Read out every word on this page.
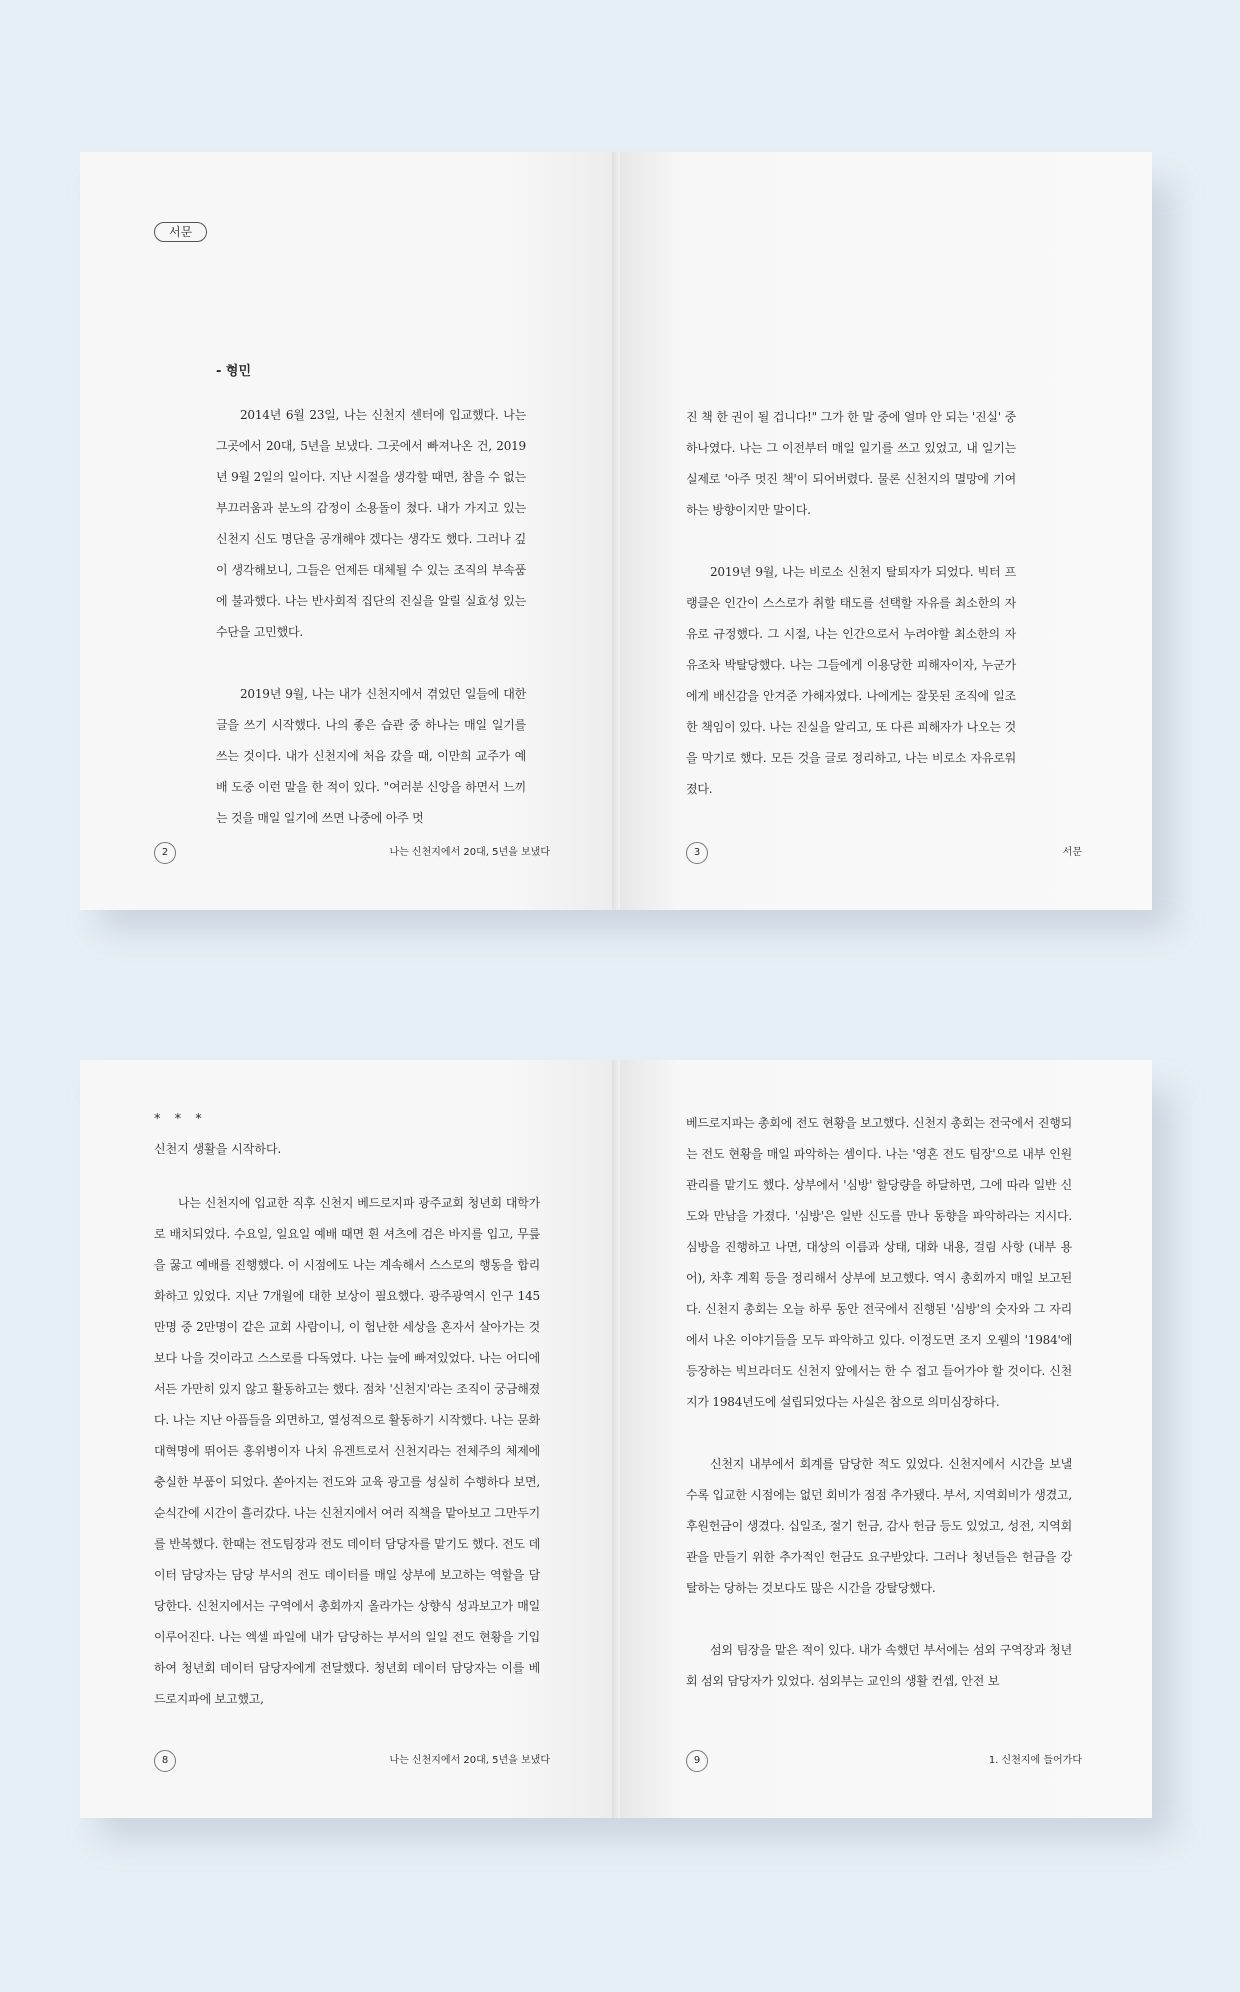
서문
- 형민

2014년 6월 23일, 나는 신천지 센터에 입교했다. 나는 그곳에서 20대, 5년을 보냈다. 그곳에서 빠져나온 건, 2019년 9월 2일의 일이다. 지난 시절을 생각할 때면, 참을 수 없는 부끄러움과 분노의 감정이 소용돌이 쳤다. 내가 가지고 있는 신천지 신도 명단을 공개해야 겠다는 생각도 했다. 그러나 깊이 생각해보니, 그들은 언제든 대체될 수 있는 조직의 부속품에 불과했다. 나는 반사회적 집단의 진실을 알릴 실효성 있는 수단을 고민했다.

2019년 9월, 나는 내가 신천지에서 겪었던 일들에 대한 글을 쓰기 시작했다. 나의 좋은 습관 중 하나는 매일 일기를 쓰는 것이다. 내가 신천지에 처음 갔을 때, 이만희 교주가 예배 도중 이런 말을 한 적이 있다. "여러분 신앙을 하면서 느끼는 것을 매일 일기에 쓰면 나중에 아주 멋

2	나는 신천지에서 20대, 5년을 보냈다

진 책 한 권이 될 겁니다!" 그가 한 말 중에 얼마 안 되는 '진실' 중 하나였다. 나는 그 이전부터 매일 일기를 쓰고 있었고, 내 일기는 실제로 '아주 멋진 책'이 되어버렸다. 물론 신천지의 멸망에 기여하는 방향이지만 말이다.

2019년 9월, 나는 비로소 신천지 탈퇴자가 되었다. 빅터 프랭클은 인간이 스스로가 취할 태도를 선택할 자유를 최소한의 자유로 규정했다. 그 시절, 나는 인간으로서 누려야할 최소한의 자유조차 박탈당했다. 나는 그들에게 이용당한 피해자이자, 누군가에게 배신감을 안겨준 가해자였다. 나에게는 잘못된 조직에 일조한 책임이 있다. 나는 진실을 알리고, 또 다른 피해자가 나오는 것을 막기로 했다. 모든 것을 글로 정리하고, 나는 비로소 자유로워졌다.

3	서문
* * *
신천지 생활을 시작하다.

나는 신천지에 입교한 직후 신천지 베드로지파 광주교회 청년회 대학가로 배치되었다. 수요일, 일요일 예배 때면 흰 셔츠에 검은 바지를 입고, 무릎을 꿇고 예배를 진행했다. 이 시점에도 나는 계속해서 스스로의 행동을 합리화하고 있었다. 지난 7개월에 대한 보상이 필요했다. 광주광역시 인구 145만명 중 2만명이 같은 교회 사람이니, 이 험난한 세상을 혼자서 살아가는 것보다 나을 것이라고 스스로를 다독였다. 나는 늪에 빠져있었다. 나는 어디에서든 가만히 있지 않고 활동하고는 했다. 점차 '신천지'라는 조직이 궁금해졌다. 나는 지난 아픔들을 외면하고, 열성적으로 활동하기 시작했다. 나는 문화대혁명에 뛰어든 홍위병이자 나치 유겐트로서 신천지라는 전체주의 체제에 충실한 부품이 되었다. 쏟아지는 전도와 교육 광고를 성실히 수행하다 보면, 순식간에 시간이 흘러갔다. 나는 신천지에서 여러 직책을 맡아보고 그만두기를 반복했다. 한때는 전도팀장과 전도 데이터 담당자를 맡기도 했다. 전도 데이터 담당자는 담당 부서의 전도 데이터를 매일 상부에 보고하는 역할을 담당한다. 신천지에서는 구역에서 총회까지 올라가는 상향식 성과보고가 매일 이루어진다. 나는 엑셀 파일에 내가 담당하는 부서의 일일 전도 현황을 기입하여 청년회 데이터 담당자에게 전달했다. 청년회 데이터 담당자는 이를 베드로지파에 보고했고,

8	나는 신천지에서 20대, 5년을 보냈다

베드로지파는 총회에 전도 현황을 보고했다. 신천지 총회는 전국에서 진행되는 전도 현황을 매일 파악하는 셈이다. 나는 '영혼 전도 팀장'으로 내부 인원 관리를 맡기도 했다. 상부에서 '심방' 할당량을 하달하면, 그에 따라 일반 신도와 만남을 가졌다. '심방'은 일반 신도를 만나 동향을 파악하라는 지시다. 심방을 진행하고 나면, 대상의 이름과 상태, 대화 내용, 걸림 사항 (내부 용어), 차후 계획 등을 정리해서 상부에 보고했다. 역시 총회까지 매일 보고된다. 신천지 총회는 오늘 하루 동안 전국에서 진행된 '심방'의 숫자와 그 자리에서 나온 이야기들을 모두 파악하고 있다. 이정도면 조지 오웰의 '1984'에 등장하는 빅브라더도 신천지 앞에서는 한 수 접고 들어가야 할 것이다. 신천지가 1984년도에 설립되었다는 사실은 참으로 의미심장하다.

신천지 내부에서 회계를 담당한 적도 있었다. 신천지에서 시간을 보낼수록 입교한 시점에는 없던 회비가 점점 추가됐다. 부서, 지역회비가 생겼고, 후원헌금이 생겼다. 십일조, 절기 헌금, 감사 헌금 등도 있었고, 성전, 지역회관을 만들기 위한 추가적인 헌금도 요구받았다. 그러나 청년들은 헌금을 강탈하는 당하는 것보다도 많은 시간을 강탈당했다.

섬외 팀장을 맡은 적이 있다. 내가 속했던 부서에는 섬외 구역장과 청년회 섬외 담당자가 있었다. 섬외부는 교인의 생활 컨셉, 안전 보

9	1. 신천지에 들어가다
